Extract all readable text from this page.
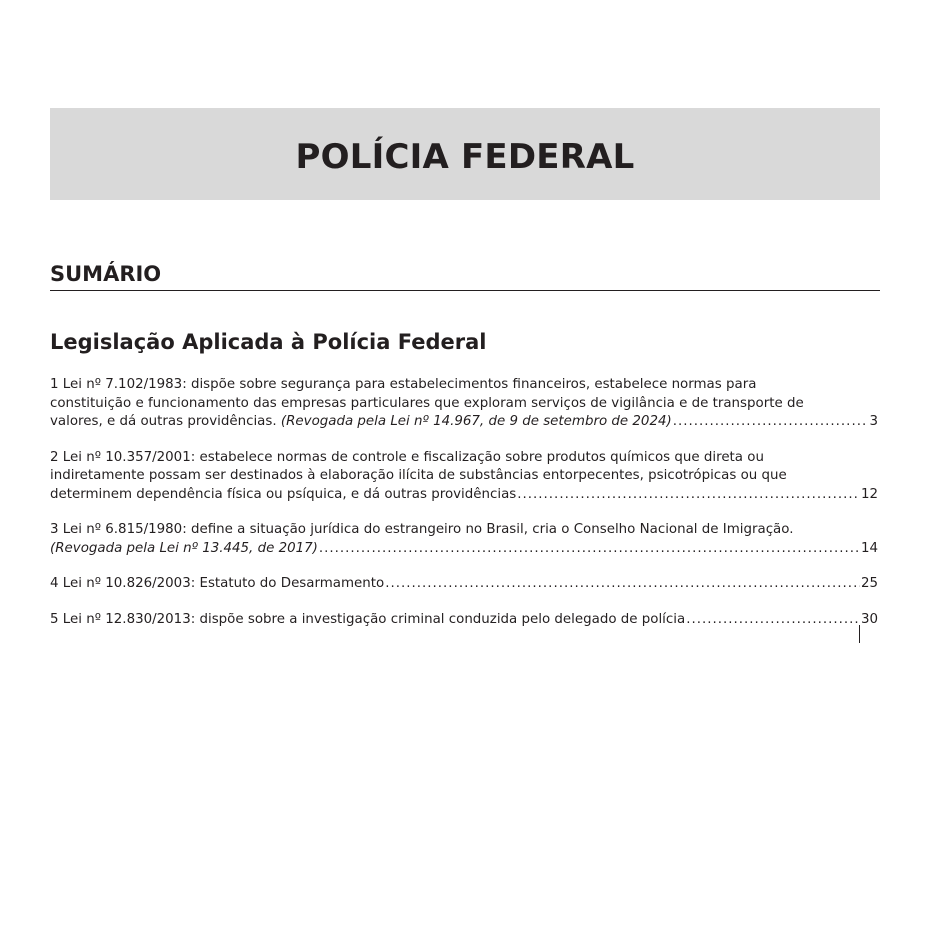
POLÍCIA FEDERAL
SUMÁRIO
Legislação Aplicada à Polícia Federal

1 Lei nº 7.102/1983: dispõe sobre segurança para estabelecimentos financeiros, estabelece normas para

constituição e funcionamento das empresas particulares que exploram serviços de vigilância e de transporte de

valores, e dá outras providências. (Revogada pela Lei nº 14.967, de 9 de setembro de 2024) .....	3

2 Lei nº 10.357/2001: estabelece normas de controle e fiscalização sobre produtos químicos que direta ou

indiretamente possam ser destinados à elaboração ilícita de substâncias entorpecentes, psicotrópicas ou que

determinem dependência física ou psíquica, e dá outras providências .....	12

3 Lei nº 6.815/1980: define a situação jurídica do estrangeiro no Brasil, cria o Conselho Nacional de Imigração.

(Revogada pela Lei nº 13.445, de 2017) .....	14
4 Lei nº 10.826/2003: Estatuto do Desarmamento .....	25
5 Lei nº 12.830/2013: dispõe sobre a investigação criminal conduzida pelo delegado de polícia .....	30
